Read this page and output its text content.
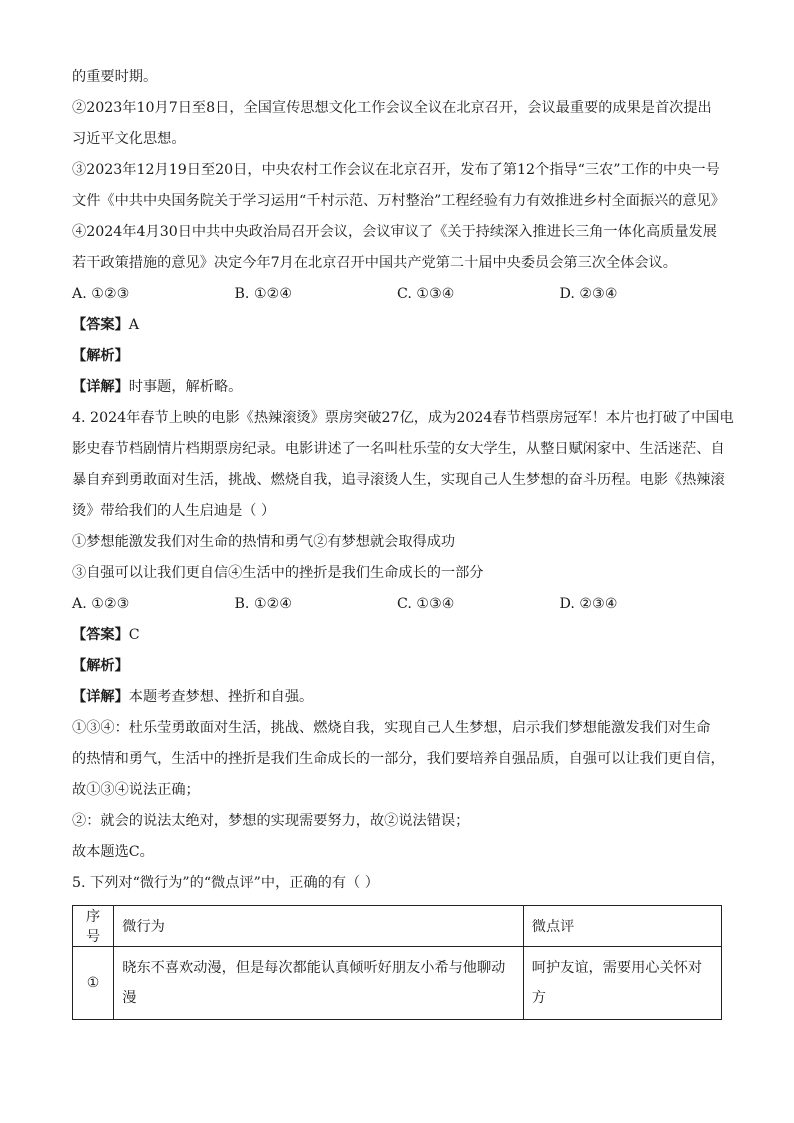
的重要时期。
②2023年10月7日至8日，全国宣传思想文化工作会议全议在北京召开，会议最重要的成果是首次提出
习近平文化思想。
③2023年12月19日至20日，中央农村工作会议在北京召开，发布了第12个指导“三农”工作的中央一号
文件《中共中央国务院关于学习运用“千村示范、万村整治”工程经验有力有效推进乡村全面振兴的意见》
④2024年4月30日中共中央政治局召开会议，会议审议了《关于持续深入推进长三角一体化高质量发展
若干政策措施的意见》决定今年7月在北京召开中国共产党第二十届中央委员会第三次全体会议。
A. ①②③	B. ①②④	C. ①③④	D. ②③④
【答案】A
【解析】
【详解】时事题，解析略。
4. 2024年春节上映的电影《热辣滚烫》票房突破27亿，成为2024春节档票房冠军！本片也打破了中国电
影史春节档剧情片档期票房纪录。电影讲述了一名叫杜乐莹的女大学生，从整日赋闲家中、生活迷茫、自
暴自弃到勇敢面对生活，挑战、燃烧自我，追寻滚烫人生，实现自己人生梦想的奋斗历程。电影《热辣滚
烫》带给我们的人生启迪是（ ）
①梦想能激发我们对生命的热情和勇气②有梦想就会取得成功
③自强可以让我们更自信④生活中的挫折是我们生命成长的一部分
A. ①②③	B. ①②④	C. ①③④	D. ②③④
【答案】C
【解析】
【详解】本题考查梦想、挫折和自强。
①③④：杜乐莹勇敢面对生活，挑战、燃烧自我，实现自己人生梦想，启示我们梦想能激发我们对生命
的热情和勇气，生活中的挫折是我们生命成长的一部分，我们要培养自强品质，自强可以让我们更自信，
故①③④说法正确；
②：就会的说法太绝对，梦想的实现需要努力，故②说法错误；
故本题选C。
5. 下列对“微行为”的“微点评”中，正确的有（ ）
序号	微行为	微点评
①	晓东不喜欢动漫，但是每次都能认真倾听好朋友小希与他聊动漫	呵护友谊，需要用心关怀对方
